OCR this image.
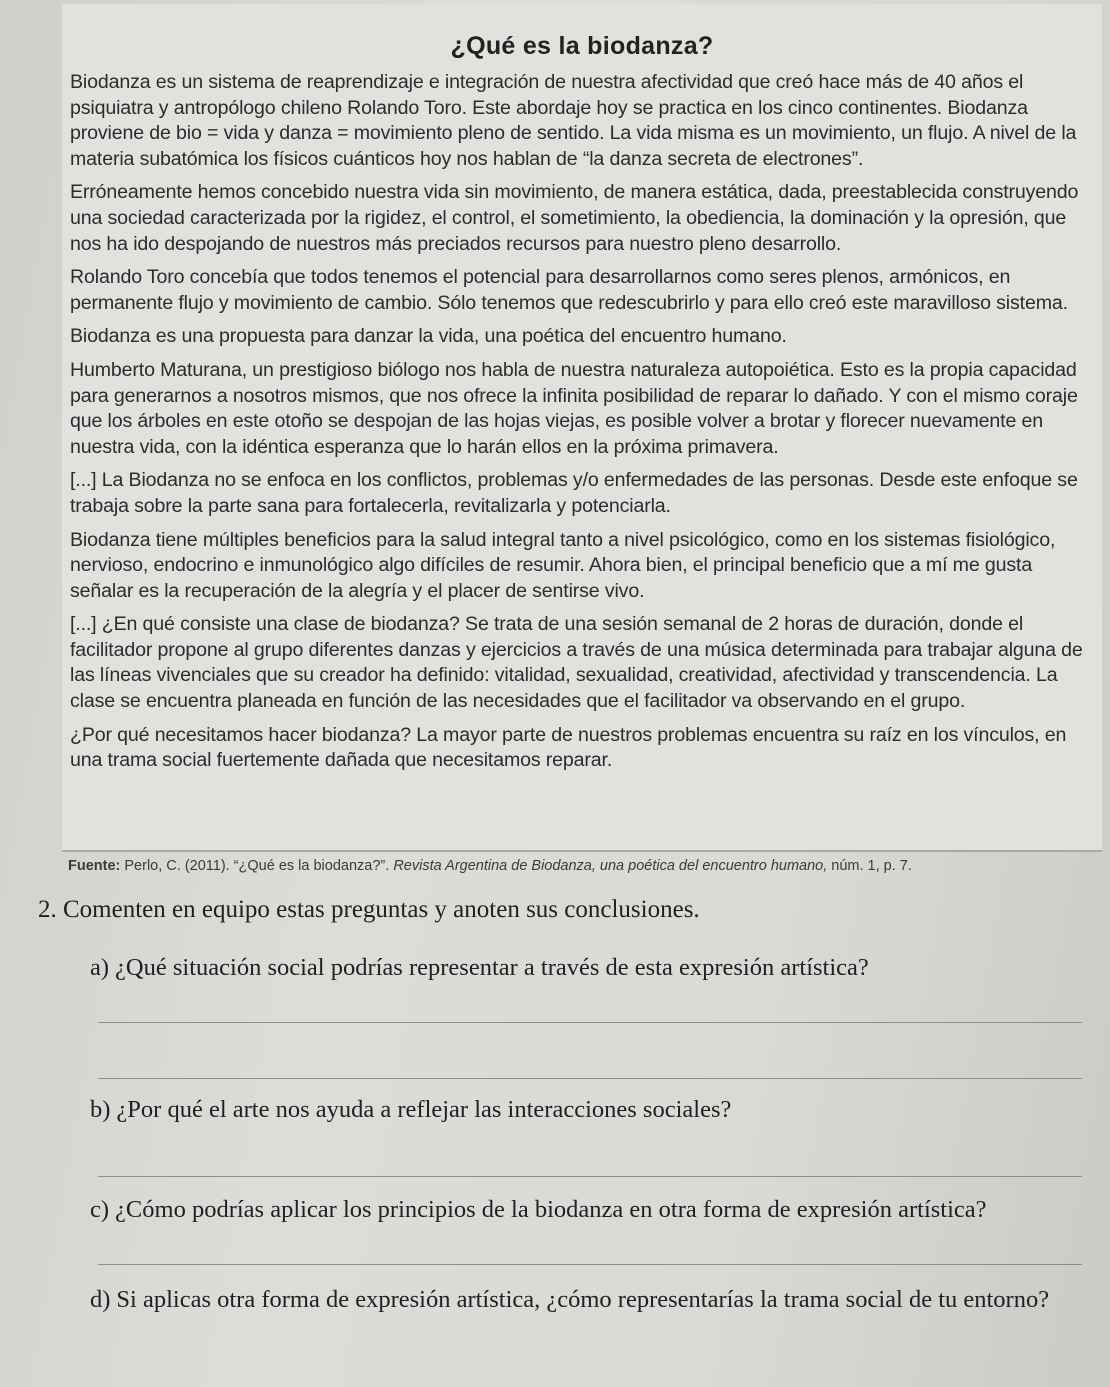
¿Qué es la biodanza?

Biodanza es un sistema de reaprendizaje e integración de nuestra afectividad que creó hace más de 40 años el psiquiatra y antropólogo chileno Rolando Toro. Este abordaje hoy se practica en los cinco continentes. Biodanza proviene de bio = vida y danza = movimiento pleno de sentido. La vida misma es un movimiento, un flujo. A nivel de la materia subatómica los físicos cuánticos hoy nos hablan de “la danza secreta de electrones”.

Erróneamente hemos concebido nuestra vida sin movimiento, de manera estática, dada, preestablecida construyendo una sociedad caracterizada por la rigidez, el control, el sometimiento, la obediencia, la dominación y la opresión, que nos ha ido despojando de nuestros más preciados recursos para nuestro pleno desarrollo.

Rolando Toro concebía que todos tenemos el potencial para desarrollarnos como seres plenos, armónicos, en permanente flujo y movimiento de cambio. Sólo tenemos que redescubrirlo y para ello creó este maravilloso sistema.

Biodanza es una propuesta para danzar la vida, una poética del encuentro humano.

Humberto Maturana, un prestigioso biólogo nos habla de nuestra naturaleza autopoiética. Esto es la propia capacidad para generarnos a nosotros mismos, que nos ofrece la infinita posibilidad de reparar lo dañado. Y con el mismo coraje que los árboles en este otoño se despojan de las hojas viejas, es posible volver a brotar y florecer nuevamente en nuestra vida, con la idéntica esperanza que lo harán ellos en la próxima primavera.

[...] La Biodanza no se enfoca en los conflictos, problemas y/o enfermedades de las personas. Desde este enfoque se trabaja sobre la parte sana para fortalecerla, revitalizarla y potenciarla.

Biodanza tiene múltiples beneficios para la salud integral tanto a nivel psicológico, como en los sistemas fisiológico, nervioso, endocrino e inmunológico algo difíciles de resumir. Ahora bien, el principal beneficio que a mí me gusta señalar es la recuperación de la alegría y el placer de sentirse vivo.

[...] ¿En qué consiste una clase de biodanza? Se trata de una sesión semanal de 2 horas de duración, donde el facilitador propone al grupo diferentes danzas y ejercicios a través de una música determinada para trabajar alguna de las líneas vivenciales que su creador ha definido: vitalidad, sexualidad, creatividad, afectividad y transcendencia. La clase se encuentra planeada en función de las necesidades que el facilitador va observando en el grupo.

¿Por qué necesitamos hacer biodanza? La mayor parte de nuestros problemas encuentra su raíz en los vínculos, en una trama social fuertemente dañada que necesitamos reparar.

Fuente: Perlo, C. (2011). “¿Qué es la biodanza?”. Revista Argentina de Biodanza, una poética del encuentro humano, núm. 1, p. 7.
2. Comenten en equipo estas preguntas y anoten sus conclusiones.
a) ¿Qué situación social podrías representar a través de esta expresión artística?
b) ¿Por qué el arte nos ayuda a reflejar las interacciones sociales?
c) ¿Cómo podrías aplicar los principios de la biodanza en otra forma de expresión artística?
d) Si aplicas otra forma de expresión artística, ¿cómo representarías la trama social de tu entorno?
